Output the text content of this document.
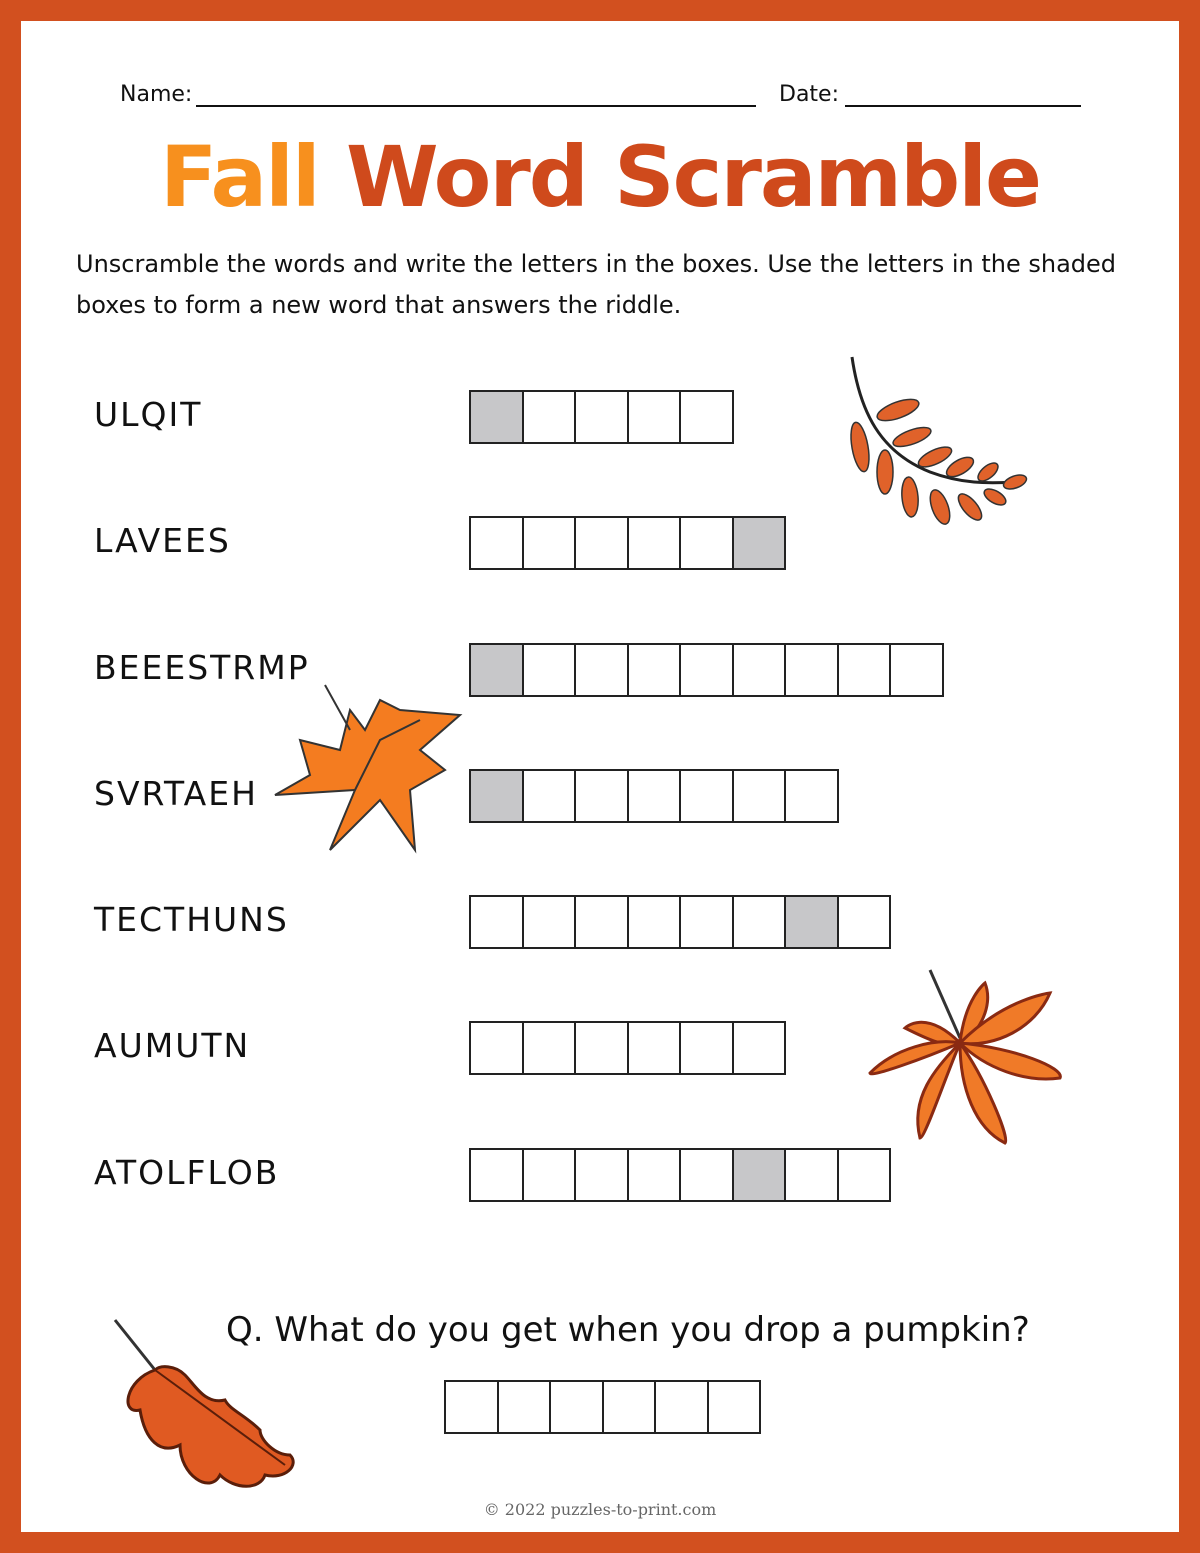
Name:	Date:
Fall Word Scramble
Unscramble the words and write the letters in the boxes. Use the letters in the shaded boxes to form a new word that answers the riddle.
ULQIT
LAVEES
BEEESTRMP
SVRTAEH
TECTHUNS
AUMUTN
ATOLFLOB
Q. What do you get when you drop a pumpkin?
© 2022 puzzles-to-print.com
